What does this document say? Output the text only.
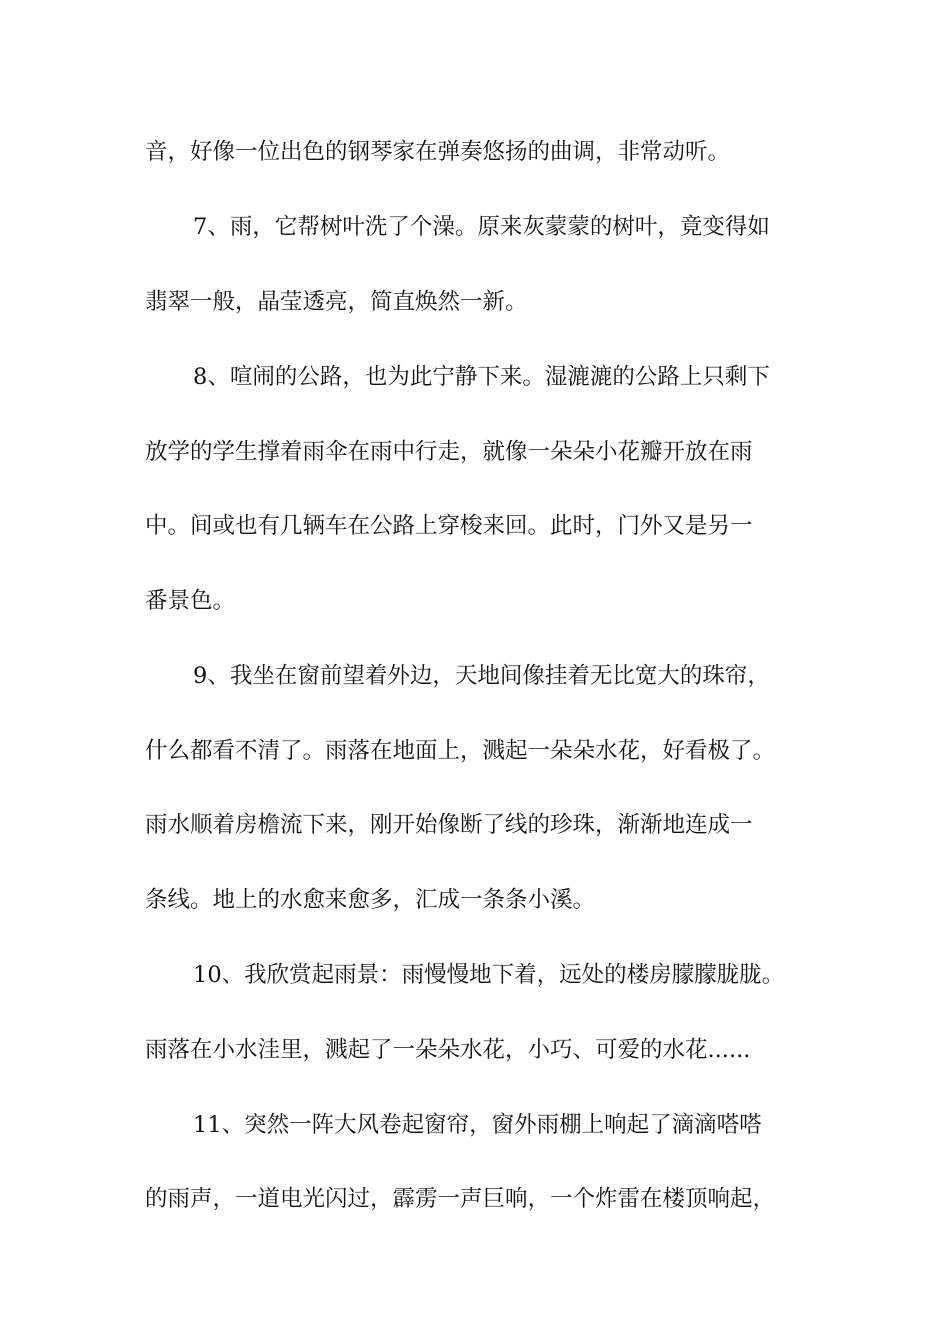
音，好像一位出色的钢琴家在弹奏悠扬的曲调，非常动听。
7、雨，它帮树叶洗了个澡。原来灰蒙蒙的树叶，竟变得如
翡翠一般，晶莹透亮，简直焕然一新。
8、喧闹的公路，也为此宁静下来。湿漉漉的公路上只剩下
放学的学生撑着雨伞在雨中行走，就像一朵朵小花瓣开放在雨
中。间或也有几辆车在公路上穿梭来回。此时，门外又是另一
番景色。
9、我坐在窗前望着外边，天地间像挂着无比宽大的珠帘，
什么都看不清了。雨落在地面上，溅起一朵朵水花，好看极了。
雨水顺着房檐流下来，刚开始像断了线的珍珠，渐渐地连成一
条线。地上的水愈来愈多，汇成一条条小溪。
10、我欣赏起雨景：雨慢慢地下着，远处的楼房朦朦胧胧。
雨落在小水洼里，溅起了一朵朵水花，小巧、可爱的水花......
11、突然一阵大风卷起窗帘，窗外雨棚上响起了滴滴嗒嗒
的雨声，一道电光闪过，霹雳一声巨响，一个炸雷在楼顶响起，
